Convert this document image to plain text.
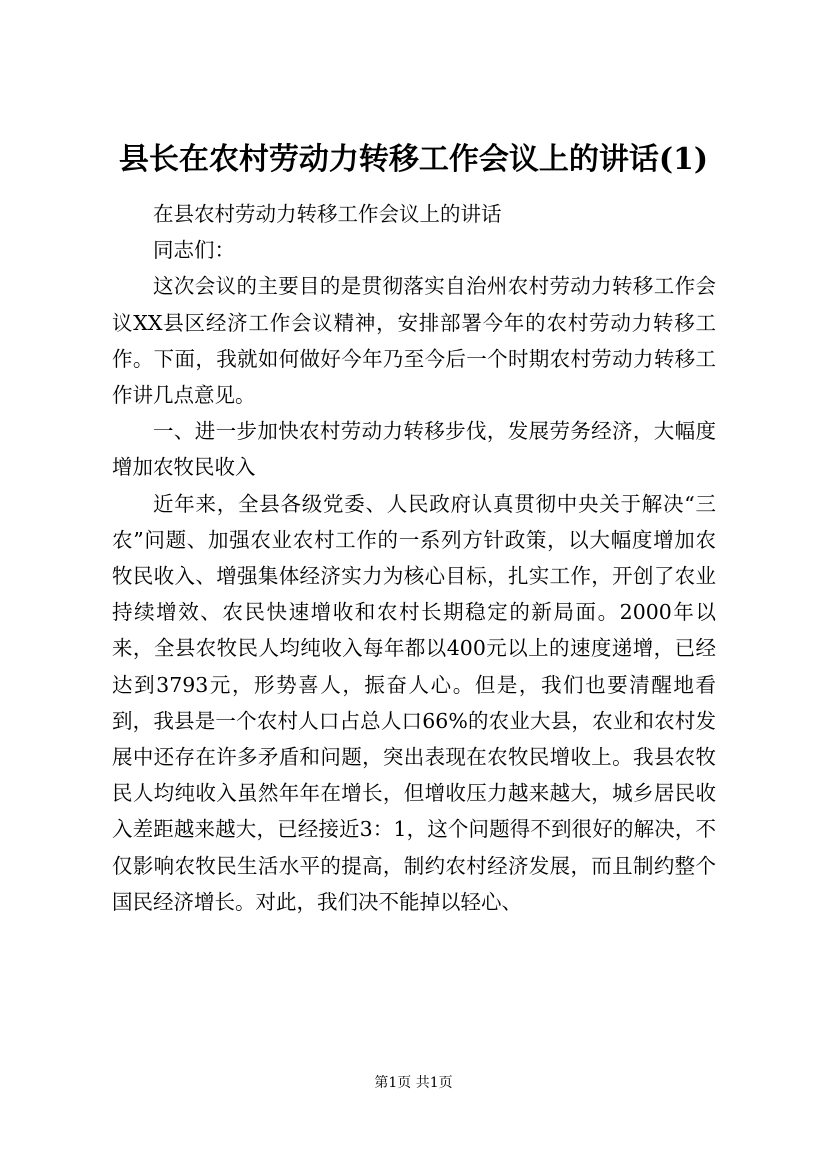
县长在农村劳动力转移工作会议上的讲话(1)

在县农村劳动力转移工作会议上的讲话

同志们：

这次会议的主要目的是贯彻落实自治州农村劳动力转移工作会议XX县区经济工作会议精神，安排部署今年的农村劳动力转移工作。下面，我就如何做好今年乃至今后一个时期农村劳动力转移工作讲几点意见。

一、进一步加快农村劳动力转移步伐，发展劳务经济，大幅度增加农牧民收入

近年来，全县各级党委、人民政府认真贯彻中央关于解决“三农”问题、加强农业农村工作的一系列方针政策，以大幅度增加农牧民收入、增强集体经济实力为核心目标，扎实工作，开创了农业持续增效、农民快速增收和农村长期稳定的新局面。2000年以来，全县农牧民人均纯收入每年都以400元以上的速度递增，已经达到3793元，形势喜人，振奋人心。但是，我们也要清醒地看到，我县是一个农村人口占总人口66%的农业大县，农业和农村发展中还存在许多矛盾和问题，突出表现在农牧民增收上。我县农牧民人均纯收入虽然年年在增长，但增收压力越来越大，城乡居民收入差距越来越大，已经接近3：1，这个问题得不到很好的解决，不仅影响农牧民生活水平的提高，制约农村经济发展，而且制约整个国民经济增长。对此，我们决不能掉以轻心、

第1页 共1页
